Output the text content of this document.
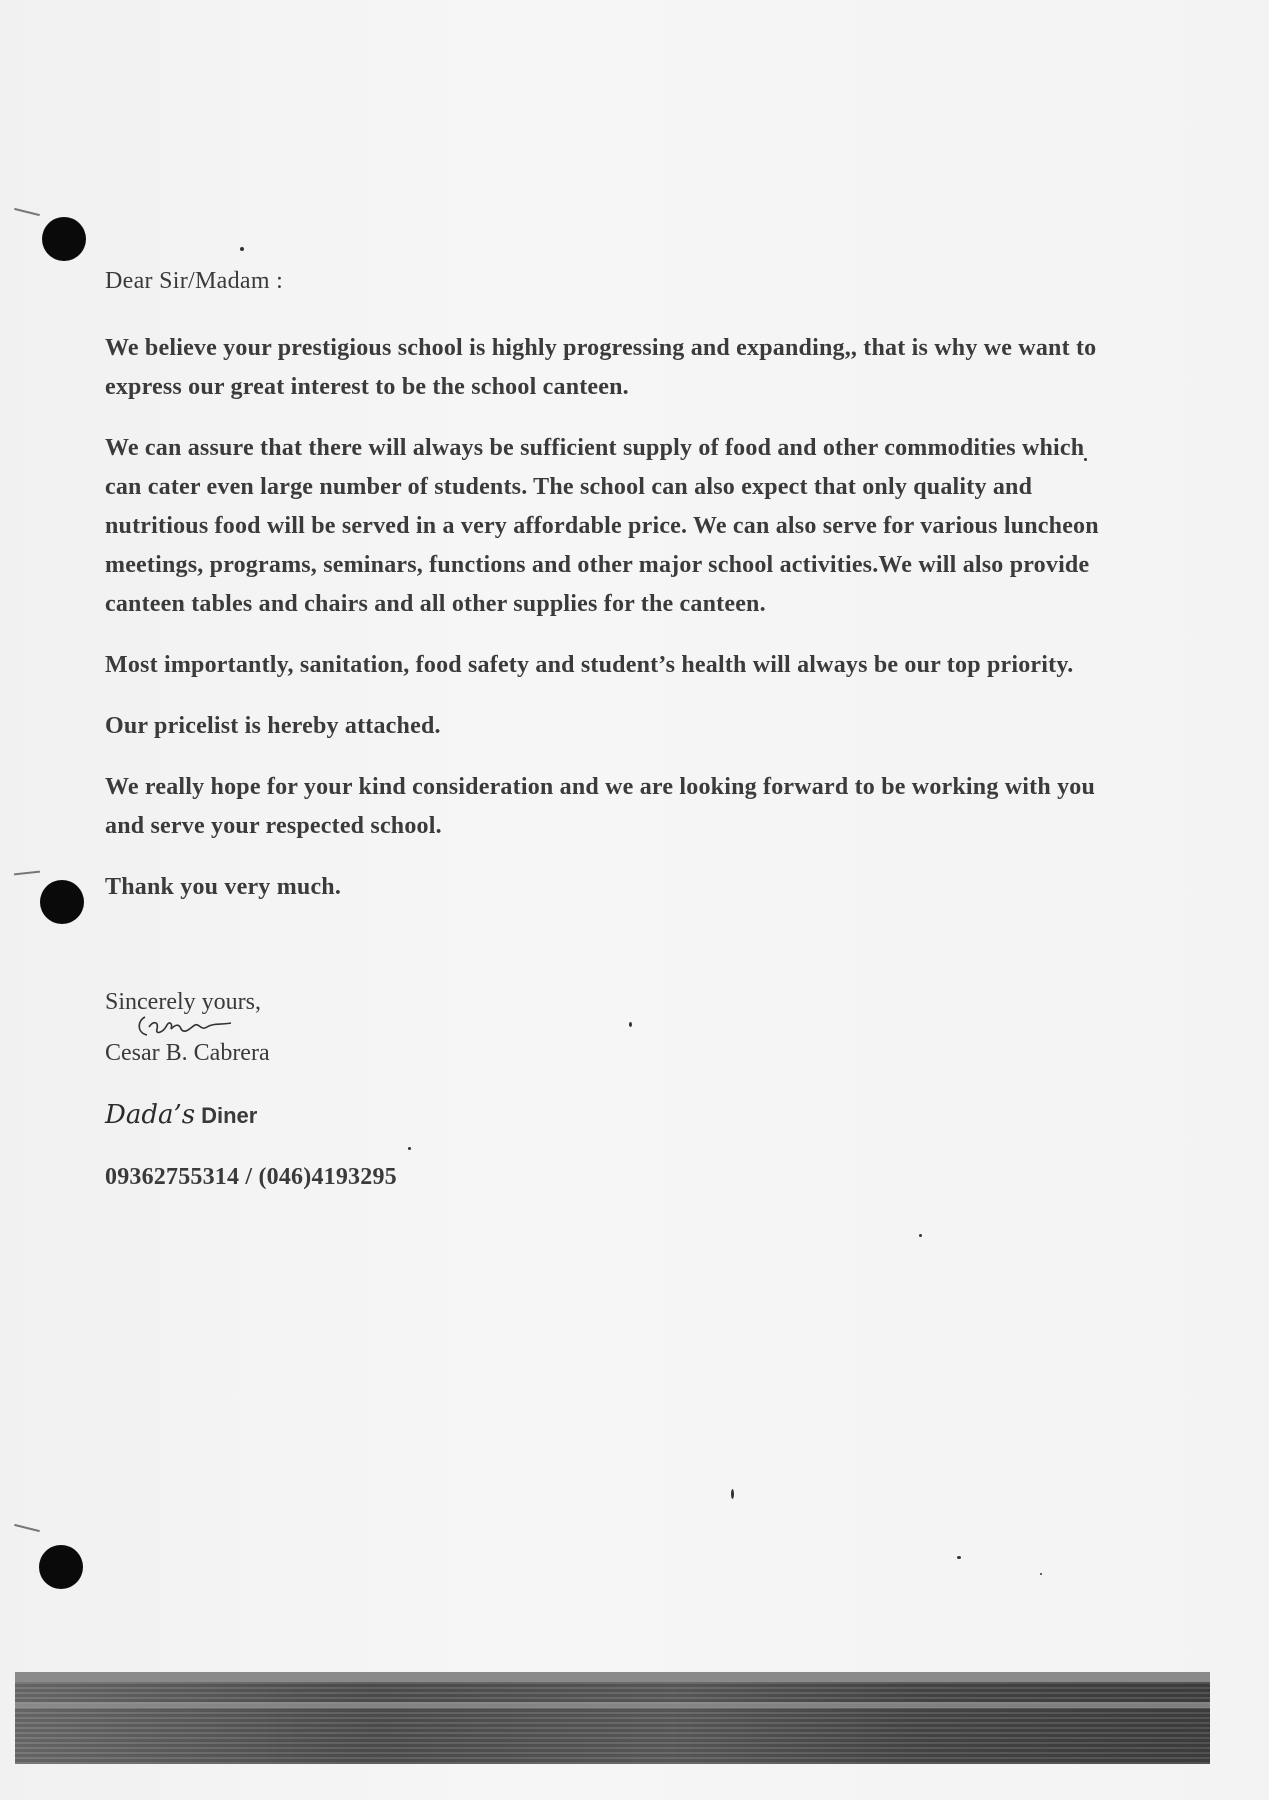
Dear Sir/Madam :

We believe your prestigious school is highly progressing and expanding,, that is why we want to express our great interest to be the school canteen.

We can assure that there will always be sufficient supply of food and other commodities which can cater even large number of students. The school can also expect that only quality and nutritious food will be served in a very affordable price. We can also serve for various luncheon meetings, programs, seminars, functions and other major school activities.We will also provide canteen tables and chairs and all other supplies for the canteen.

Most importantly, sanitation, food safety and student’s health will always be our top priority.

Our pricelist is hereby attached.

We really hope for your kind consideration and we are looking forward to be working with you and serve your respected school.

Thank you very much.

Sincerely yours,

Cesar B. Cabrera

Dada’s Diner

09362755314 / (046)4193295
